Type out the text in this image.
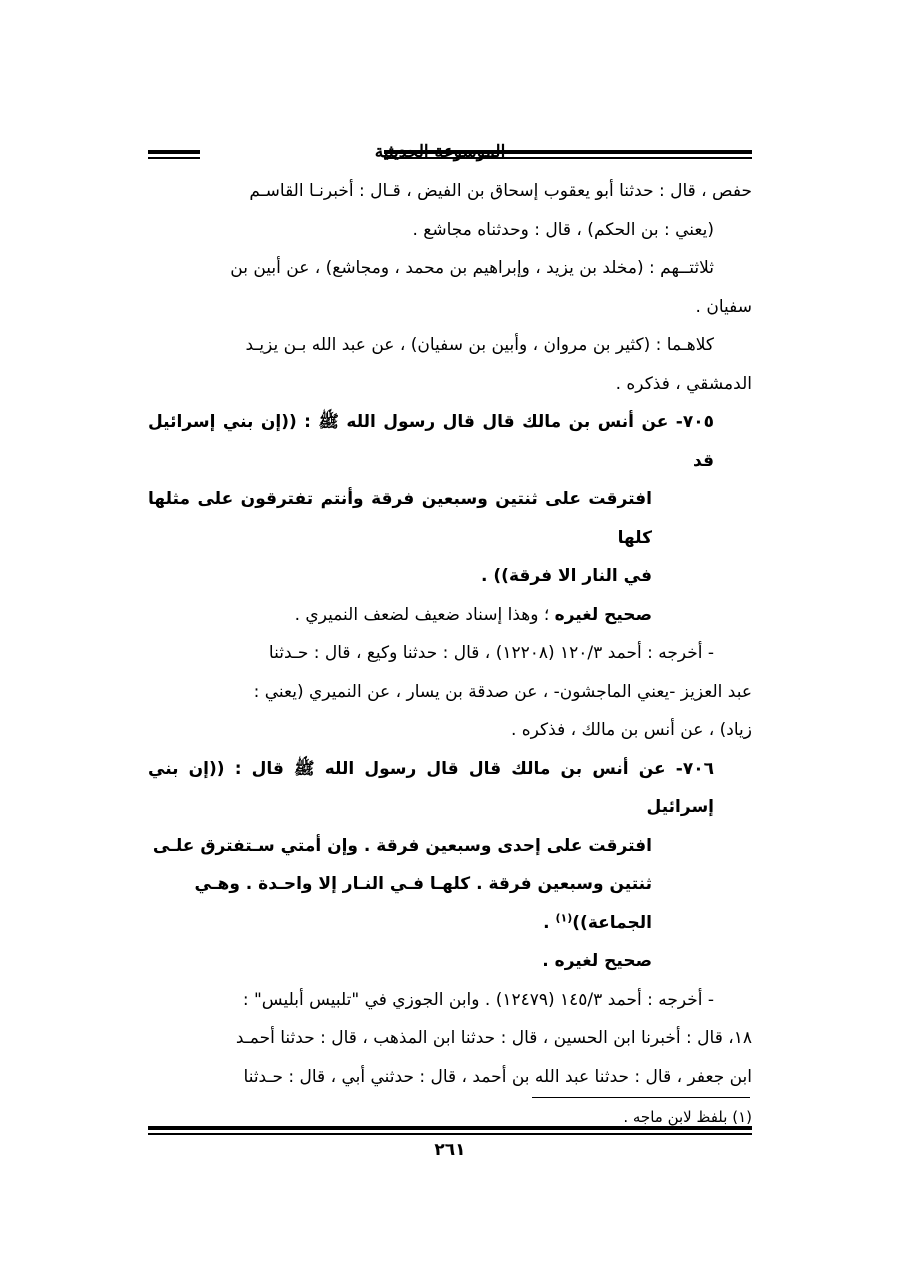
الموسوعة الحديثية

حفص ، قال : حدثنا أبو يعقوب إسحاق بن الفيض ، قـال : أخبرنـا القاسـم

(يعني : بن الحكم) ، قال : وحدثناه مجاشع .

ثلاثتــهم : (مخلد بن يزيد ، وإبراهيم بن محمد ، ومجاشع) ، عن أبين بن

سفيان .

كلاهـما : (كثير بن مروان ، وأبين بن سفيان) ، عن عبد الله بـن يزيـد

الدمشقي ، فذكره .

٧٠٥- عن أنس بن مالك قال قال رسول الله ﷺ : ((إن بني إسرائيل قد

افترقت على ثنتين وسبعين فرقة وأنتم تفترقون على مثلها كلها

في النار الا فرقة)) .

صحيح لغيره ؛ وهذا إسناد ضعيف لضعف النميري .

- أخرجه : أحمد ١٢٠/٣ (١٢٢٠٨) ، قال : حدثنا وكيع ، قال : حـدثنا

عبد العزيز -يعني الماجشون- ، عن صدقة بن يسار ، عن النميري (يعني :

زياد) ، عن أنس بن مالك ، فذكره .

٧٠٦- عن أنس بن مالك قال قال رسول الله ﷺ قال : ((إن بني إسرائيل

افترقت على إحدى وسبعين فرقة . وإن أمتي سـتفترق علـى

ثنتين وسبعين فرقة . كلهـا فـي النـار إلا واحـدة . وهـي

الجماعة))$^{(١)}$ .

صحيح لغيره .

- أخرجه : أحمد ١٤٥/٣ (١٢٤٧٩) . وابن الجوزي في "تلبيس أبليس" :

١٨، قال : أخبرنا ابن الحسين ، قال : حدثنا ابن المذهب ، قال : حدثنا أحمـد

ابن جعفر ، قال : حدثنا عبد الله بن أحمد ، قال : حدثني أبي ، قال : حـدثنا

(١) بلفظ لابن ماجه .
٢٦١
